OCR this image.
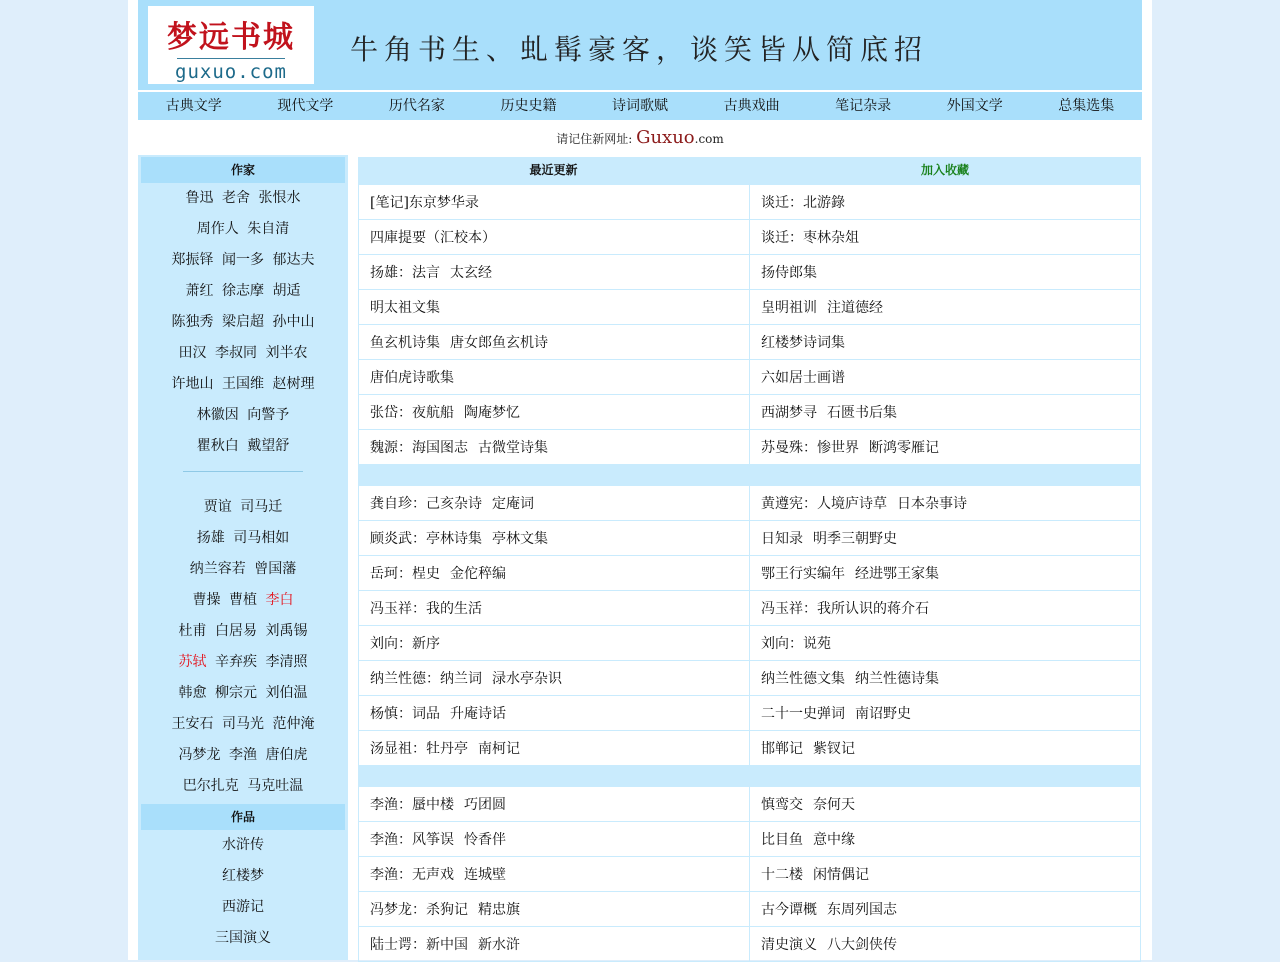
梦远书城
guxuo.com
牛角书生、虬髯豪客，谈笑皆从简底招
古典文学	现代文学	历代名家	历史史籍	诗词歌赋	古典戏曲	笔记杂录	外国文学	总集选集
请记住新网址: Guxuo.com
作家
鲁迅 老舍 张恨水
周作人 朱自清
郑振铎 闻一多 郁达夫
萧红 徐志摩 胡适
陈独秀 梁启超 孙中山
田汉 李叔同 刘半农
许地山 王国维 赵树理
林徽因 向警予
瞿秋白 戴望舒
贾谊 司马迁
扬雄 司马相如
纳兰容若 曾国藩
曹操 曹植 李白
杜甫 白居易 刘禹锡
苏轼 辛弃疾 李清照
韩愈 柳宗元 刘伯温
王安石 司马光 范仲淹
冯梦龙 李渔 唐伯虎
巴尔扎克 马克吐温
作品
水浒传
红楼梦
西游记
三国演义
最近更新	加入收藏
[笔记]东京梦华录	谈迁：北游錄
四庫提要（汇校本）	谈迁：枣林杂俎
扬雄：法言 太玄经	扬侍郎集
明太祖文集	皇明祖训 注道德经
鱼玄机诗集 唐女郎鱼玄机诗	红楼梦诗词集
唐伯虎诗歌集	六如居士画谱
张岱：夜航船 陶庵梦忆	西湖梦寻 石匮书后集
魏源：海国图志 古微堂诗集	苏曼殊：惨世界 断鸿零雁记
龚自珍：己亥杂诗 定庵词	黄遵宪：人境庐诗草 日本杂事诗
顾炎武：亭林诗集 亭林文集	日知录 明季三朝野史
岳珂：桯史 金佗稡编	鄂王行实编年 经进鄂王家集
冯玉祥：我的生活	冯玉祥：我所认识的蒋介石
刘向：新序	刘向：说苑
纳兰性德：纳兰词 渌水亭杂识	纳兰性德文集 纳兰性德诗集
杨慎：词品 升庵诗话	二十一史弹词 南诏野史
汤显祖：牡丹亭 南柯记	邯郸记 紫钗记
李渔：蜃中楼 巧团圆	慎鸾交 奈何天
李渔：风筝误 怜香伴	比目鱼 意中缘
李渔：无声戏 连城壁	十二楼 闲情偶记
冯梦龙：杀狗记 精忠旗	古今谭概 东周列国志
陆士谔：新中国 新水浒	清史演义 八大剑侠传
